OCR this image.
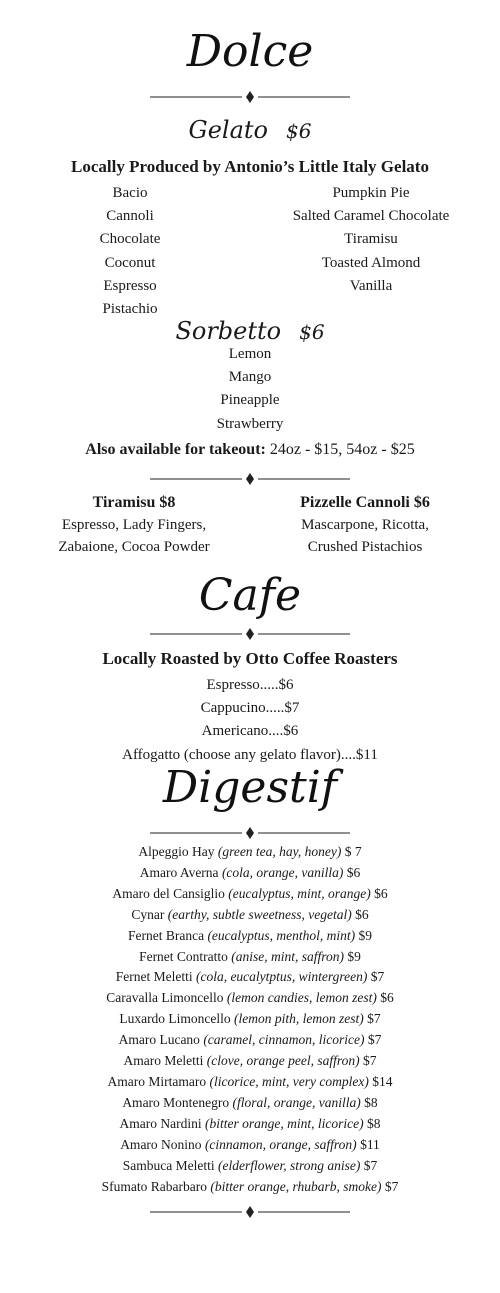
Dolce
Gelato $6
Locally Produced by Antonio’s Little Italy Gelato
Bacio
Cannoli
Chocolate
Coconut
Espresso
Pistachio
Pumpkin Pie
Salted Caramel Chocolate
Tiramisu
Toasted Almond
Vanilla
Sorbetto $6
Lemon
Mango
Pineapple
Strawberry
Also available for takeout: 24oz - $15, 54oz - $25
Tiramisu $8
Espresso, Lady Fingers,
Zabaione, Cocoa Powder
Pizzelle Cannoli $6
Mascarpone, Ricotta,
Crushed Pistachios
Cafe
Locally Roasted by Otto Coffee Roasters
Espresso.....$6
Cappucino.....$7
Americano....$6
Affogatto (choose any gelato flavor)....$11
Digestif
Alpeggio Hay (green tea, hay, honey) $ 7
Amaro Averna (cola, orange, vanilla) $6
Amaro del Cansiglio (eucalyptus, mint, orange) $6
Cynar (earthy, subtle sweetness, vegetal) $6
Fernet Branca (eucalyptus, menthol, mint) $9
Fernet Contratto (anise, mint, saffron) $9
Fernet Meletti (cola, eucalytptus, wintergreen) $7
Caravalla Limoncello (lemon candies, lemon zest) $6
Luxardo Limoncello (lemon pith, lemon zest) $7
Amaro Lucano (caramel, cinnamon, licorice) $7
Amaro Meletti (clove, orange peel, saffron) $7
Amaro Mirtamaro (licorice, mint, very complex) $14
Amaro Montenegro (floral, orange, vanilla) $8
Amaro Nardini (bitter orange, mint, licorice) $8
Amaro Nonino (cinnamon, orange, saffron) $11
Sambuca Meletti (elderflower, strong anise) $7
Sfumato Rabarbaro (bitter orange, rhubarb, smoke) $7
